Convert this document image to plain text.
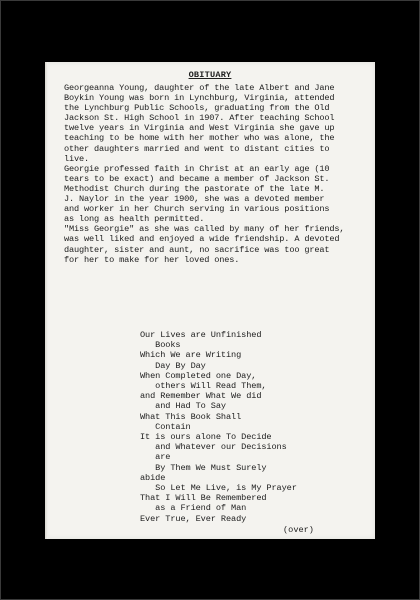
OBITUARY
Georgeanna Young, daughter of the late Albert and Jane
Boykin Young was born in Lynchburg, Virginia, attended
the Lynchburg Public Schools, graduating from the Old
Jackson St. High School in 1907. After teaching School
twelve years in Virginia and West Virginia she gave up
teaching to be home with her mother who was alone, the
other daughters married and went to distant cities to
live.
Georgie professed faith in Christ at an early age (10
tears to be exact) and became a member of Jackson St.
Methodist Church during the pastorate of the late M.
J. Naylor in the year 1900, she was a devoted member
and worker in her Church serving in various positions
as long as health permitted.
"Miss Georgie" as she was called by many of her friends,
was well liked and enjoyed a wide friendship. A devoted
daughter, sister and aunt, no sacrifice was too great
for her to make for her loved ones.
Our Lives are Unfinished
Books
Which We are Writing
Day By Day
When Completed one Day,
others Will Read Them,
and Remember What We did
and Had To Say
What This Book Shall
Contain
It is ours alone To Decide
and Whatever our Decisions
are
By Them We Must Surely
abide
So Let Me Live, is My Prayer
That I Will Be Remembered
as a Friend of Man
Ever True, Ever Ready
(over)
